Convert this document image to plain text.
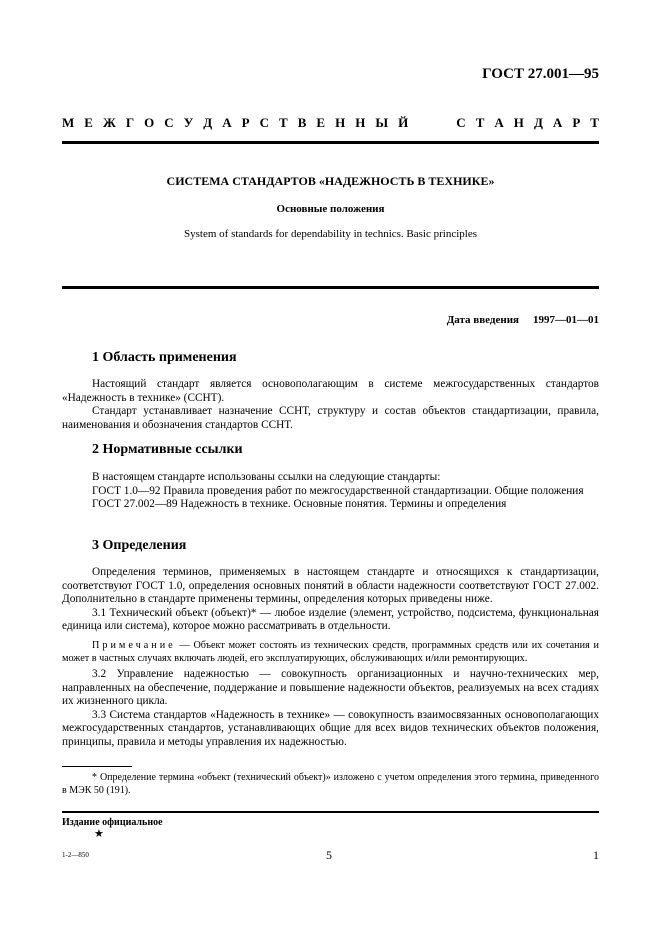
ГОСТ 27.001—95
М Е Ж Г О С У Д А Р С Т В Е Н Н Ы Й	С Т А Н Д А Р Т
СИСТЕМА СТАНДАРТОВ «НАДЕЖНОСТЬ В ТЕХНИКЕ»
Основные положения
System of standards for dependability in technics. Basic principles
Дата введения 1997—01—01
1 Область применения

Настоящий стандарт является основополагающим в системе межгосударственных стандартов «Надежность в технике» (ССНТ).

Стандарт устанавливает назначение ССНТ, структуру и состав объектов стандартизации, правила, наименования и обозначения стандартов ССНТ.

2 Нормативные ссылки

В настоящем стандарте использованы ссылки на следующие стандарты:

ГОСТ 1.0—92 Правила проведения работ по межгосударственной стандартизации. Общие положения

ГОСТ 27.002—89 Надежность в технике. Основные понятия. Термины и определения

3 Определения

Определения терминов, применяемых в настоящем стандарте и относящихся к стандартизации, соответствуют ГОСТ 1.0, определения основных понятий в области надежности соответствуют ГОСТ 27.002. Дополнительно в стандарте применены термины, определения которых приведены ниже.

3.1 Технический объект (объект)* — любое изделие (элемент, устройство, подсистема, функциональная единица или система), которое можно рассматривать в отдельности.

Примечание — Объект может состоять из технических средств, программных средств или их сочетания и может в частных случаях включать людей, его эксплуатирующих, обслуживающих и/или ремонтирующих.

3.2 Управление надежностью — совокупность организационных и научно-технических мер, направленных на обеспечение, поддержание и повышение надежности объектов, реализуемых на всех стадиях их жизненного цикла.

3.3 Система стандартов «Надежность в технике» — совокупность взаимосвязанных основополагающих межгосударственных стандартов, устанавливающих общие для всех видов технических объектов положения, принципы, правила и методы управления их надежностью.

* Определение термина «объект (технический объект)» изложено с учетом определения этого термина, приведенного в МЭК 50 (191).

Издание официальное
★
1-2—850	5	1
